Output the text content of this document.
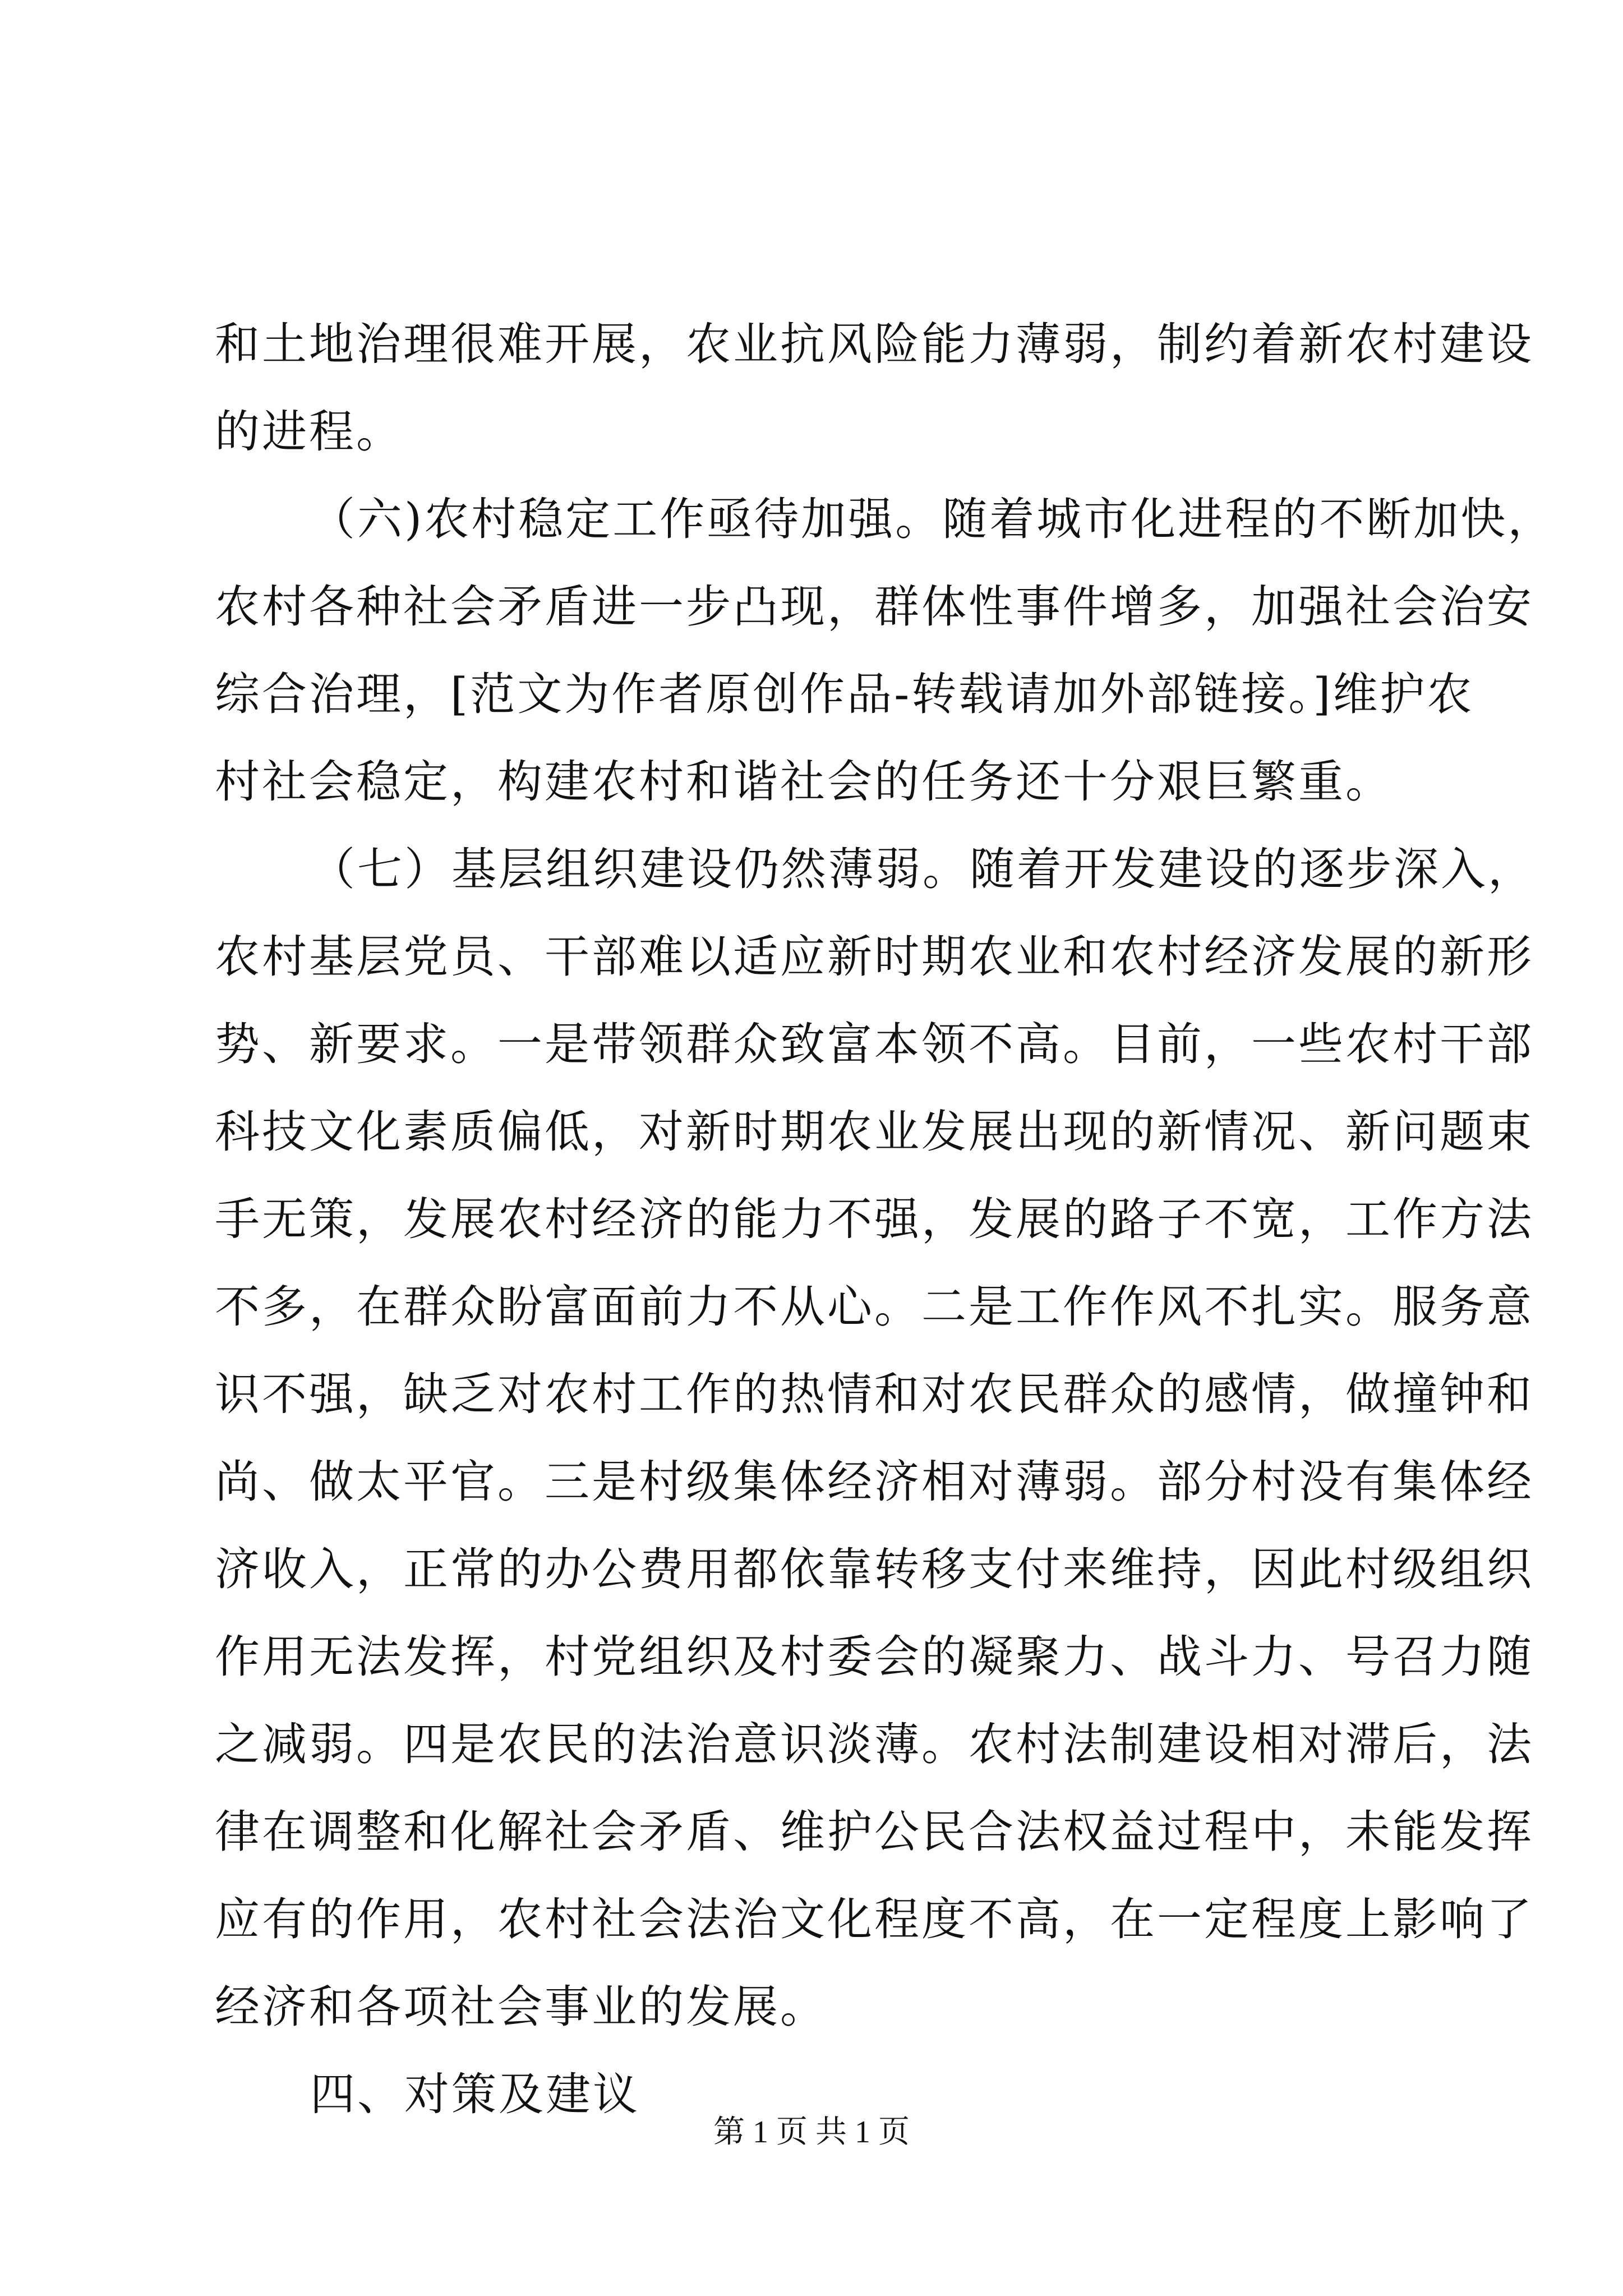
和土地治理很难开展，农业抗风险能力薄弱，制约着新农村建设
的进程。
（六)农村稳定工作亟待加强。随着城市化进程的不断加快，
农村各种社会矛盾进一步凸现，群体性事件增多，加强社会治安
综合治理，[范文为作者原创作品-转载请加外部链接。]维护农
村社会稳定，构建农村和谐社会的任务还十分艰巨繁重。
（七）基层组织建设仍然薄弱。随着开发建设的逐步深入，
农村基层党员、干部难以适应新时期农业和农村经济发展的新形
势、新要求。一是带领群众致富本领不高。目前，一些农村干部
科技文化素质偏低，对新时期农业发展出现的新情况、新问题束
手无策，发展农村经济的能力不强，发展的路子不宽，工作方法
不多，在群众盼富面前力不从心。二是工作作风不扎实。服务意
识不强，缺乏对农村工作的热情和对农民群众的感情，做撞钟和
尚、做太平官。三是村级集体经济相对薄弱。部分村没有集体经
济收入，正常的办公费用都依靠转移支付来维持，因此村级组织
作用无法发挥，村党组织及村委会的凝聚力、战斗力、号召力随
之减弱。四是农民的法治意识淡薄。农村法制建设相对滞后，法
律在调整和化解社会矛盾、维护公民合法权益过程中，未能发挥
应有的作用，农村社会法治文化程度不高，在一定程度上影响了
经济和各项社会事业的发展。
四、对策及建议
第 1 页 共 1 页
